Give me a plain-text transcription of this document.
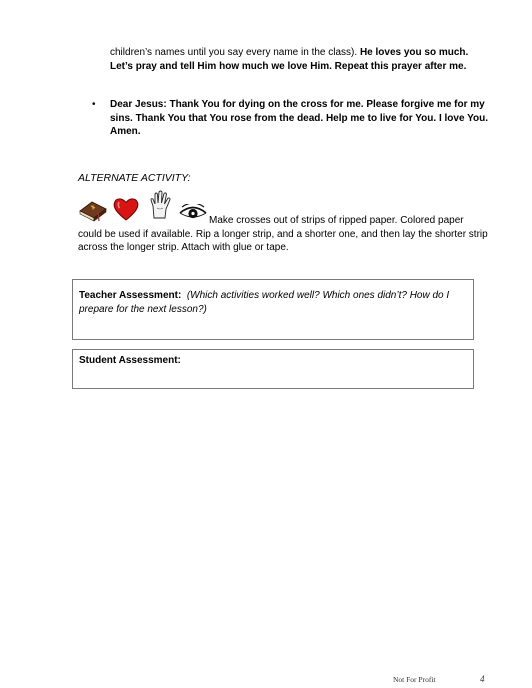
children’s names until you say every name in the class). He loves you so much. Let’s pray and tell Him how much we love Him. Repeat this prayer after me.
• Dear Jesus: Thank You for dying on the cross for me. Please forgive me for my sins. Thank You that You rose from the dead. Help me to live for You. I love You. Amen.
ALTERNATE ACTIVITY:
Make crosses out of strips of ripped paper. Colored paper could be used if available. Rip a longer strip, and a shorter one, and then lay the shorter strip across the longer strip. Attach with glue or tape.
Teacher Assessment: (Which activities worked well? Which ones didn’t? How do I prepare for the next lesson?)
Student Assessment:
Not For Profit	4
